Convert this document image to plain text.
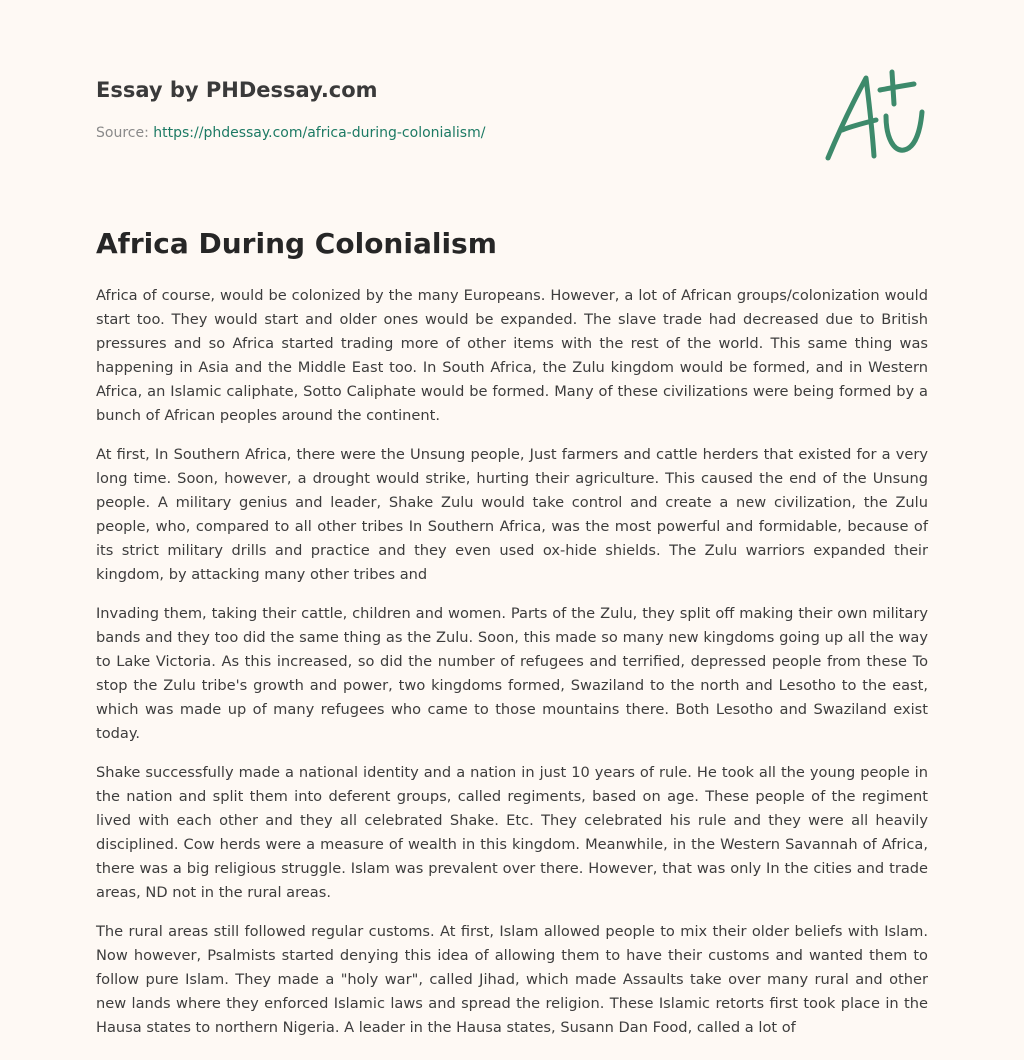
Essay by PHDessay.com
Source: https://phdessay.com/africa-during-colonialism/
Africa During Colonialism

Africa of course, would be colonized by the many Europeans. However, a lot of African groups/colonization would start too. They would start and older ones would be expanded. The slave trade had decreased due to British pressures and so Africa started trading more of other items with the rest of the world. This same thing was happening in Asia and the Middle East too. In South Africa, the Zulu kingdom would be formed, and in Western Africa, an Islamic caliphate, Sotto Caliphate would be formed. Many of these civilizations were being formed by a bunch of African peoples around the continent.

At first, In Southern Africa, there were the Unsung people, Just farmers and cattle herders that existed for a very long time. Soon, however, a drought would strike, hurting their agriculture. This caused the end of the Unsung people. A military genius and leader, Shake Zulu would take control and create a new civilization, the Zulu people, who, compared to all other tribes In Southern Africa, was the most powerful and formidable, because of its strict military drills and practice and they even used ox-hide shields. The Zulu warriors expanded their kingdom, by attacking many other tribes and

Invading them, taking their cattle, children and women. Parts of the Zulu, they split off making their own military bands and they too did the same thing as the Zulu. Soon, this made so many new kingdoms going up all the way to Lake Victoria. As this increased, so did the number of refugees and terrified, depressed people from these To stop the Zulu tribe's growth and power, two kingdoms formed, Swaziland to the north and Lesotho to the east, which was made up of many refugees who came to those mountains there. Both Lesotho and Swaziland exist today.

Shake successfully made a national identity and a nation in just 10 years of rule. He took all the young people in the nation and split them into deferent groups, called regiments, based on age. These people of the regiment lived with each other and they all celebrated Shake. Etc. They celebrated his rule and they were all heavily disciplined. Cow herds were a measure of wealth in this kingdom. Meanwhile, in the Western Savannah of Africa, there was a big religious struggle. Islam was prevalent over there. However, that was only In the cities and trade areas, ND not in the rural areas.

The rural areas still followed regular customs. At first, Islam allowed people to mix their older beliefs with Islam. Now however, Psalmists started denying this idea of allowing them to have their customs and wanted them to follow pure Islam. They made a "holy war", called Jihad, which made Assaults take over many rural and other new lands where they enforced Islamic laws and spread the religion. These Islamic retorts first took place in the Hausa states to northern Nigeria. A leader in the Hausa states, Susann Dan Food, called a lot of
